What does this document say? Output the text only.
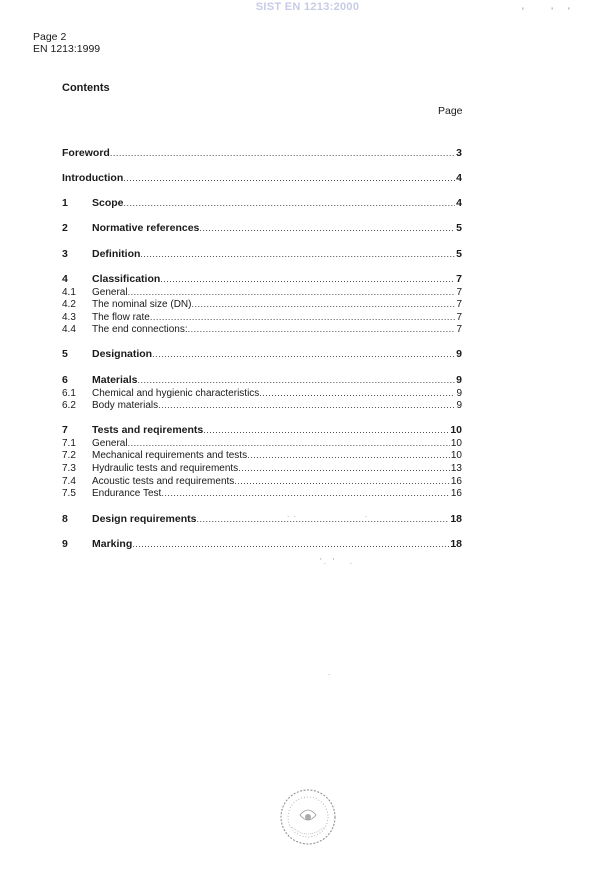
SIST EN 1213:2000	'           '      '
Page 2
EN 1213:1999
Contents
Page
Foreword .....	3
Introduction .....	4
1	Scope .....	4
2	Normative references .....	5
3	Definition .....	5
4	Classification .....	7
4.1	General .....	7
4.2	The nominal size (DN) .....	7
4.3	The flow rate .....	7
4.4	The end connections: .....	7
5	Designation .....	9
6	Materials .....	9
6.1	Chemical and hygienic characteristics .....	9
6.2	Body materials .....	9
7	Tests and reqirements .....	10
7.1	General .....	10
7.2	Mechanical requirements and tests .....	10
7.3	Hydraulic tests and requirements .....	13
7.4	Acoustic tests and requirements .....	16
7.5	Endurance Test .....	16
8	Design requirements .....	18
9	Marking .....	18
.  .                               .
' .   '       .
.
